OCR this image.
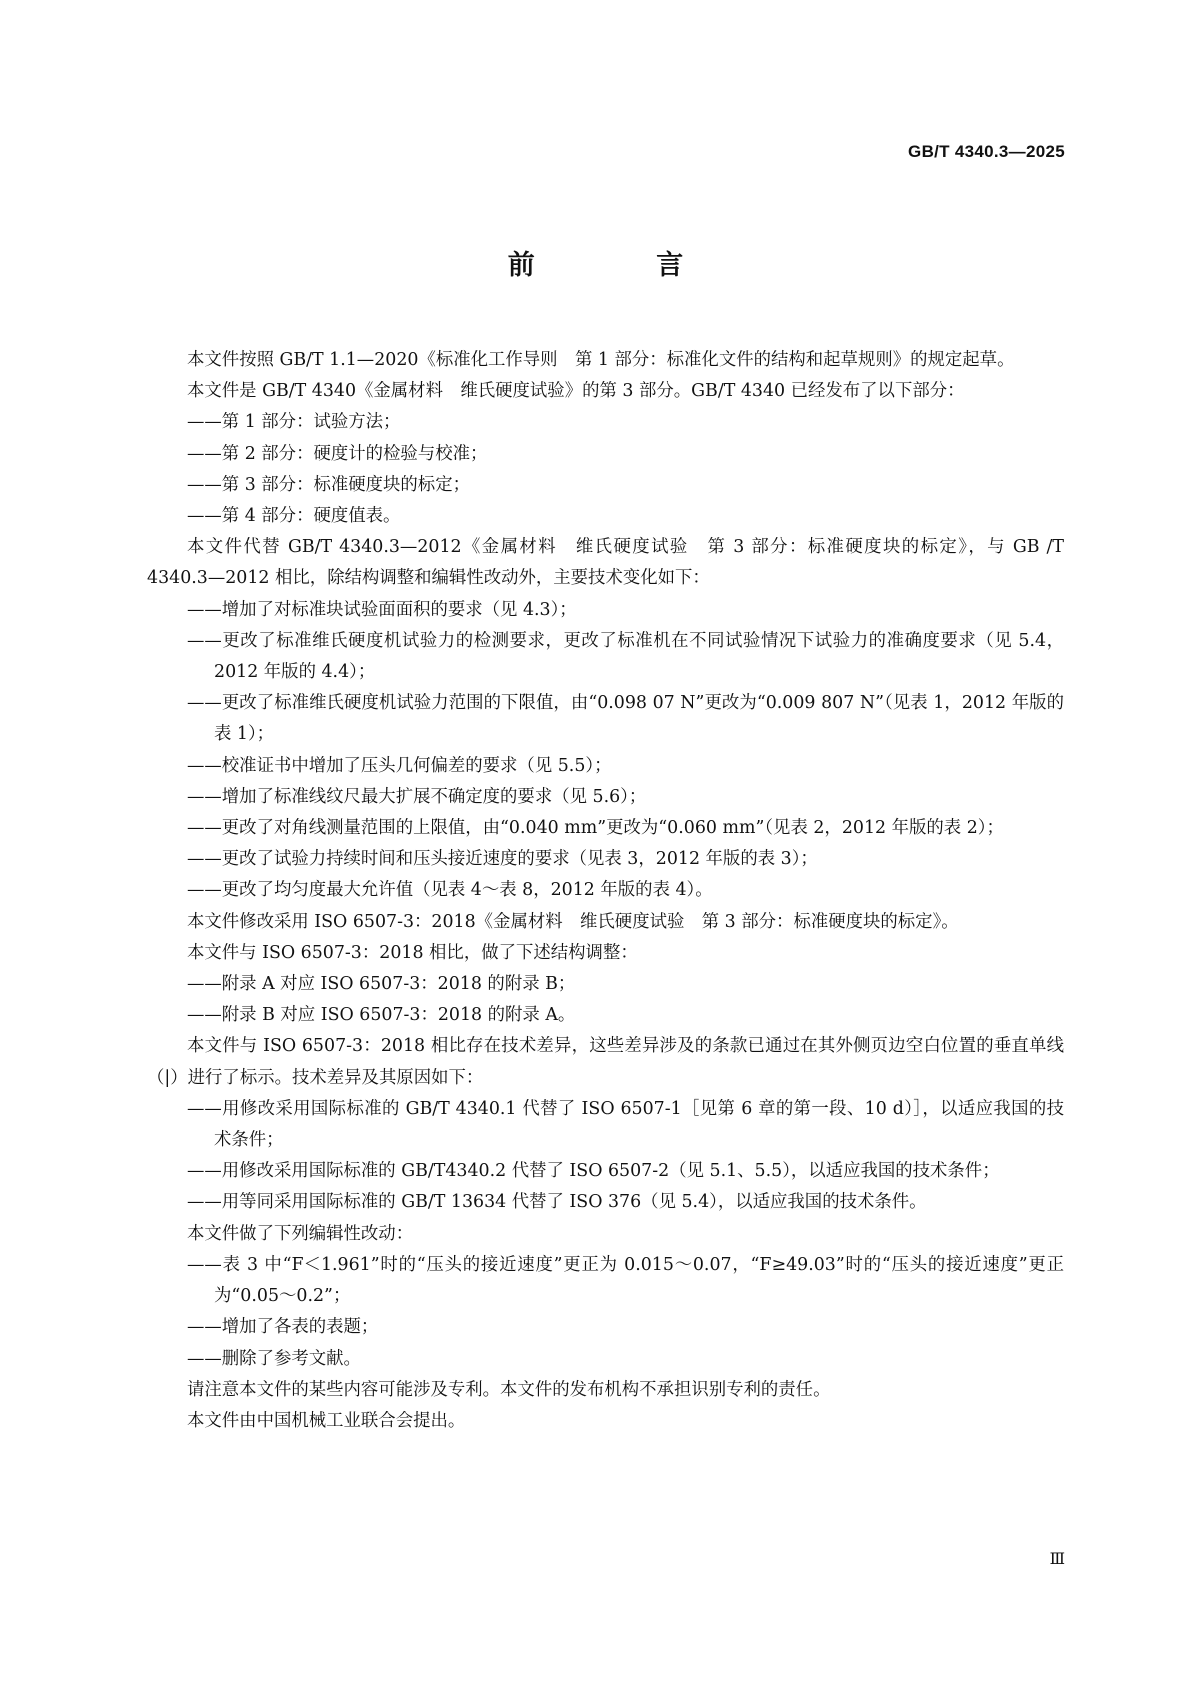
GB/T 4340.3—2025
前 言

本文件按照 GB/T 1.1—2020《标准化工作导则　第 1 部分：标准化文件的结构和起草规则》的规定起草。

本文件是 GB/T 4340《金属材料　维氏硬度试验》的第 3 部分。GB/T 4340 已经发布了以下部分：

——第 1 部分：试验方法；

——第 2 部分：硬度计的检验与校准；

——第 3 部分：标准硬度块的标定；

——第 4 部分：硬度值表。

本文件代替 GB/T 4340.3—2012《金属材料　维氏硬度试验　第 3 部分：标准硬度块的标定》，与 GB /T 4340.3—2012 相比，除结构调整和编辑性改动外，主要技术变化如下：

——增加了对标准块试验面面积的要求（见 4.3）；

——更改了标准维氏硬度机试验力的检测要求，更改了标准机在不同试验情况下试验力的准确度要求（见 5.4，2012 年版的 4.4）；

——更改了标准维氏硬度机试验力范围的下限值，由“0.098 07 N”更改为“0.009 807 N”（见表 1，2012 年版的表 1）；

——校准证书中增加了压头几何偏差的要求（见 5.5）；

——增加了标准线纹尺最大扩展不确定度的要求（见 5.6）；

——更改了对角线测量范围的上限值，由“0.040 mm”更改为“0.060 mm”（见表 2，2012 年版的表 2）；

——更改了试验力持续时间和压头接近速度的要求（见表 3，2012 年版的表 3）；

——更改了均匀度最大允许值（见表 4～表 8，2012 年版的表 4）。

本文件修改采用 ISO 6507-3：2018《金属材料　维氏硬度试验　第 3 部分：标准硬度块的标定》。

本文件与 ISO 6507-3：2018 相比，做了下述结构调整：

——附录 A 对应 ISO 6507-3：2018 的附录 B；

——附录 B 对应 ISO 6507-3：2018 的附录 A。

本文件与 ISO 6507-3：2018 相比存在技术差异，这些差异涉及的条款已通过在其外侧页边空白位置的垂直单线（|）进行了标示。技术差异及其原因如下：

——用修改采用国际标准的 GB/T 4340.1 代替了 ISO 6507-1［见第 6 章的第一段、10 d）］，以适应我国的技术条件；

——用修改采用国际标准的 GB/T4340.2 代替了 ISO 6507-2（见 5.1、5.5），以适应我国的技术条件；

——用等同采用国际标准的 GB/T 13634 代替了 ISO 376（见 5.4），以适应我国的技术条件。

本文件做了下列编辑性改动：

——表 3 中“F＜1.961”时的“压头的接近速度”更正为 0.015～0.07，“F≥49.03”时的“压头的接近速度”更正为“0.05～0.2”；

——增加了各表的表题；

——删除了参考文献。

请注意本文件的某些内容可能涉及专利。本文件的发布机构不承担识别专利的责任。

本文件由中国机械工业联合会提出。

Ⅲ
